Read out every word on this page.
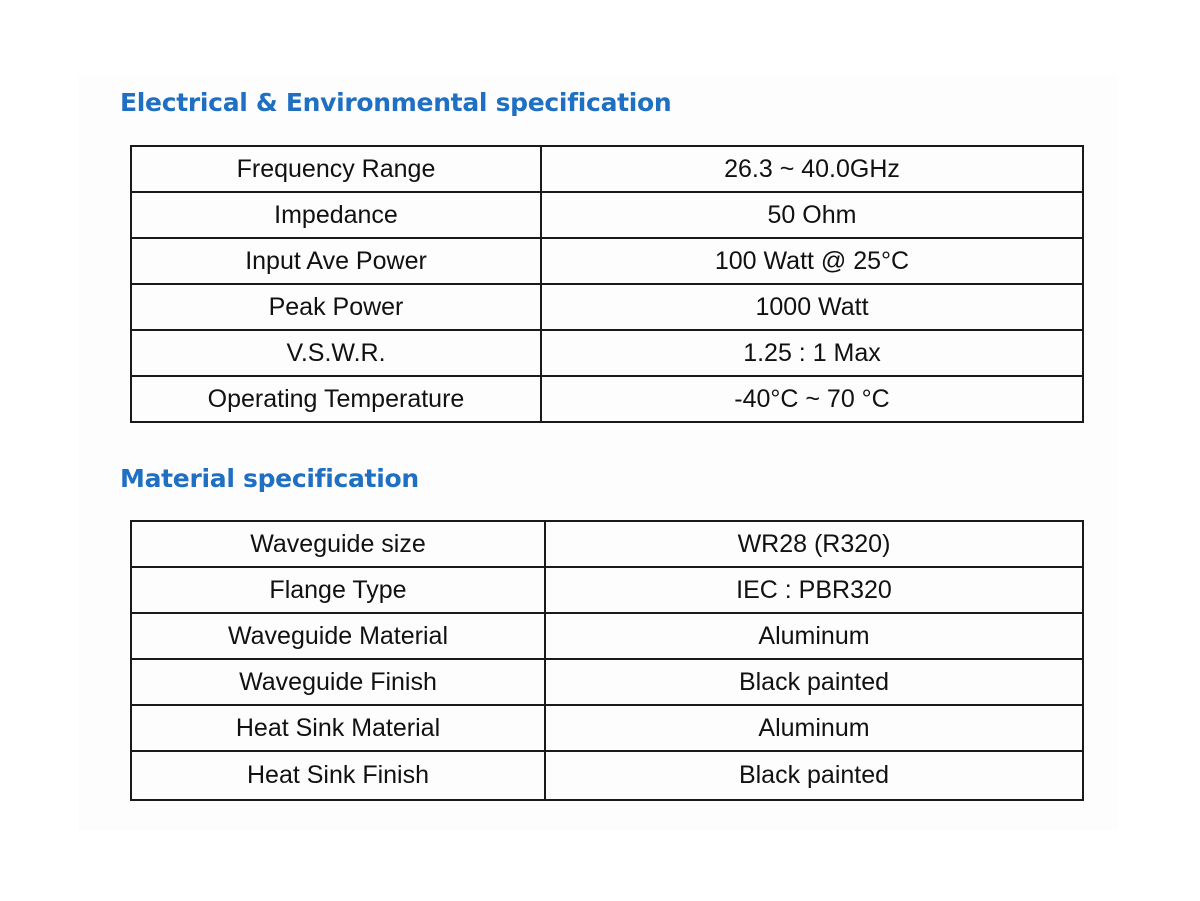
Electrical & Environmental specification
Frequency Range	26.3 ~ 40.0GHz
Impedance	50 Ohm
Input Ave Power	100 Watt @ 25°C
Peak Power	1000 Watt
V.S.W.R.	1.25 : 1 Max
Operating Temperature	-40°C ~ 70 °C
Material specification
Waveguide size	WR28 (R320)
Flange Type	IEC : PBR320
Waveguide Material	Aluminum
Waveguide Finish	Black painted
Heat Sink Material	Aluminum
Heat Sink Finish	Black painted
